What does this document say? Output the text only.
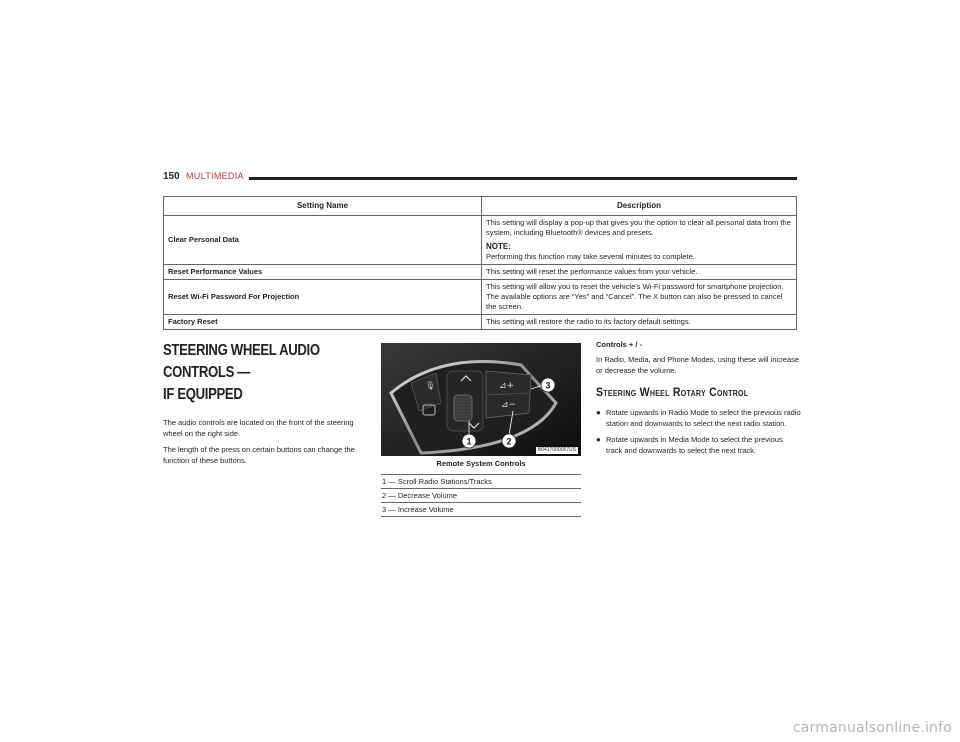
150 MULTIMEDIA
Setting Name	Description
Clear Personal Data	This setting will display a pop-up that gives you the option to clear all personal data from the system, including Bluetooth® devices and presets.

NOTE:

Performing this function may take several minutes to complete.

Reset Performance Values	This setting will reset the performance values from your vehicle.
Reset Wi-Fi Password For Projection	This setting will allow you to reset the vehicle’s Wi-Fi password for smartphone projection. The available options are “Yes” and “Cancel”. The X button can also be pressed to cancel the screen.
Factory Reset	This setting will restore the radio to its factory default settings.
STEERING WHEEL AUDIO CONTROLS —
IF EQUIPPED

The audio controls are located on the front of the steering wheel on the right side.

The length of the press on certain buttons can change the function of these buttons.

🎙	⊿+
⊿−
3
1	2
B0417000057US
Remote System Controls
1 — Scroll Radio Stations/Tracks
2 — Decrease Volume
3 — Increase Volume

Controls + / -

In Radio, Media, and Phone Modes, using these will increase or decrease the volume.

Steering Wheel Rotary Control
● Rotate upwards in Radio Mode to select the previous radio station and downwards to select the next radio station.
● Rotate upwards in Media Mode to select the previous track and downwards to select the next track.
carmanualsonline.info
